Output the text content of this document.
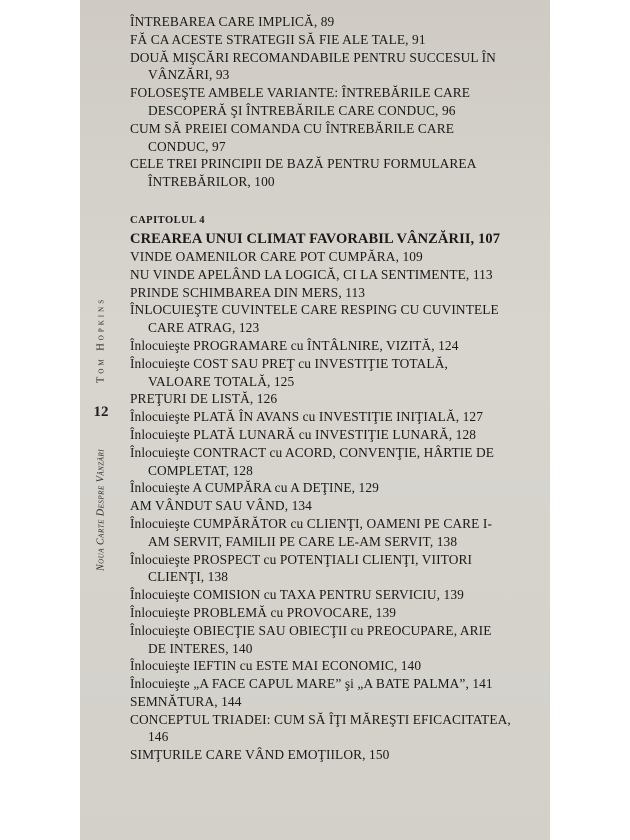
Tom Hopkins
12
Noua Carte Despre Vânzări
ÎNTREBAREA CARE IMPLICĂ, 89
FĂ CA ACESTE STRATEGII SĂ FIE ALE TALE, 91
DOUĂ MIŞCĂRI RECOMANDABILE PENTRU SUCCESUL ÎN
VÂNZĂRI, 93
FOLOSEŞTE AMBELE VARIANTE: ÎNTREBĂRILE CARE
DESCOPERĂ ŞI ÎNTREBĂRILE CARE CONDUC, 96
CUM SĂ PREIEI COMANDA CU ÎNTREBĂRILE CARE
CONDUC, 97
CELE TREI PRINCIPII DE BAZĂ PENTRU FORMULAREA
ÎNTREBĂRILOR, 100
CAPITOLUL 4
CREAREA UNUI CLIMAT FAVORABIL VÂNZĂRII, 107
VINDE OAMENILOR CARE POT CUMPĂRA, 109
NU VINDE APELÂND LA LOGICĂ, CI LA SENTIMENTE, 113
PRINDE SCHIMBAREA DIN MERS, 113
ÎNLOCUIEŞTE CUVINTELE CARE RESPING CU CUVINTELE
CARE ATRAG, 123
Înlocuieşte PROGRAMARE cu ÎNTÂLNIRE, VIZITĂ, 124
Înlocuieşte COST SAU PREŢ cu INVESTIŢIE TOTALĂ,
VALOARE TOTALĂ, 125
PREŢURI DE LISTĂ, 126
Înlocuieşte PLATĂ ÎN AVANS cu INVESTIŢIE INIŢIALĂ, 127
Înlocuieşte PLATĂ LUNARĂ cu INVESTIŢIE LUNARĂ, 128
Înlocuieşte CONTRACT cu ACORD, CONVENŢIE, HÂRTIE DE
COMPLETAT, 128
Înlocuieşte A CUMPĂRA cu A DEŢINE, 129
AM VÂNDUT SAU VÂND, 134
Înlocuieşte CUMPĂRĂTOR cu CLIENŢI, OAMENI PE CARE I-
AM SERVIT, FAMILII PE CARE LE-AM SERVIT, 138
Înlocuieşte PROSPECT cu POTENŢIALI CLIENŢI, VIITORI
CLIENŢI, 138
Înlocuieşte COMISION cu TAXA PENTRU SERVICIU, 139
Înlocuieşte PROBLEMĂ cu PROVOCARE, 139
Înlocuieşte OBIECŢIE SAU OBIECŢII cu PREOCUPARE, ARIE
DE INTERES, 140
Înlocuieşte IEFTIN cu ESTE MAI ECONOMIC, 140
Înlocuieşte „A FACE CAPUL MARE” şi „A BATE PALMA”, 141
SEMNĂTURA, 144
CONCEPTUL TRIADEI: CUM SĂ ÎŢI MĂREŞTI EFICACITATEA,
146
SIMŢURILE CARE VÂND EMOŢIILOR, 150
